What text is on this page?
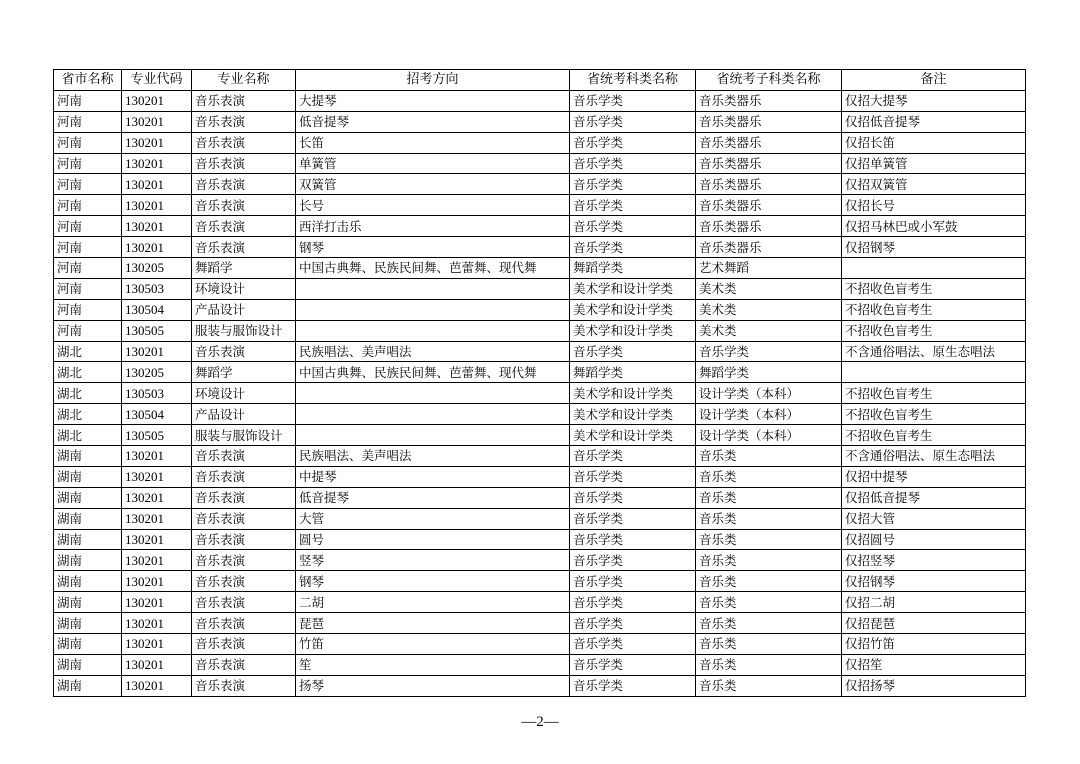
省市名称	专业代码	专业名称	招考方向	省统考科类名称	省统考子科类名称	备注
河南	130201	音乐表演	大提琴	音乐学类	音乐类器乐	仅招大提琴
河南	130201	音乐表演	低音提琴	音乐学类	音乐类器乐	仅招低音提琴
河南	130201	音乐表演	长笛	音乐学类	音乐类器乐	仅招长笛
河南	130201	音乐表演	单簧管	音乐学类	音乐类器乐	仅招单簧管
河南	130201	音乐表演	双簧管	音乐学类	音乐类器乐	仅招双簧管
河南	130201	音乐表演	长号	音乐学类	音乐类器乐	仅招长号
河南	130201	音乐表演	西洋打击乐	音乐学类	音乐类器乐	仅招马林巴或小军鼓
河南	130201	音乐表演	钢琴	音乐学类	音乐类器乐	仅招钢琴
河南	130205	舞蹈学	中国古典舞、民族民间舞、芭蕾舞、现代舞	舞蹈学类	艺术舞蹈	
河南	130503	环境设计		美术学和设计学类	美术类	不招收色盲考生
河南	130504	产品设计		美术学和设计学类	美术类	不招收色盲考生
河南	130505	服装与服饰设计		美术学和设计学类	美术类	不招收色盲考生
湖北	130201	音乐表演	民族唱法、美声唱法	音乐学类	音乐学类	不含通俗唱法、原生态唱法
湖北	130205	舞蹈学	中国古典舞、民族民间舞、芭蕾舞、现代舞	舞蹈学类	舞蹈学类	
湖北	130503	环境设计		美术学和设计学类	设计学类（本科）	不招收色盲考生
湖北	130504	产品设计		美术学和设计学类	设计学类（本科）	不招收色盲考生
湖北	130505	服装与服饰设计		美术学和设计学类	设计学类（本科）	不招收色盲考生
湖南	130201	音乐表演	民族唱法、美声唱法	音乐学类	音乐类	不含通俗唱法、原生态唱法
湖南	130201	音乐表演	中提琴	音乐学类	音乐类	仅招中提琴
湖南	130201	音乐表演	低音提琴	音乐学类	音乐类	仅招低音提琴
湖南	130201	音乐表演	大管	音乐学类	音乐类	仅招大管
湖南	130201	音乐表演	圆号	音乐学类	音乐类	仅招圆号
湖南	130201	音乐表演	竖琴	音乐学类	音乐类	仅招竖琴
湖南	130201	音乐表演	钢琴	音乐学类	音乐类	仅招钢琴
湖南	130201	音乐表演	二胡	音乐学类	音乐类	仅招二胡
湖南	130201	音乐表演	琵琶	音乐学类	音乐类	仅招琵琶
湖南	130201	音乐表演	竹笛	音乐学类	音乐类	仅招竹笛
湖南	130201	音乐表演	笙	音乐学类	音乐类	仅招笙
湖南	130201	音乐表演	扬琴	音乐学类	音乐类	仅招扬琴
—2—
